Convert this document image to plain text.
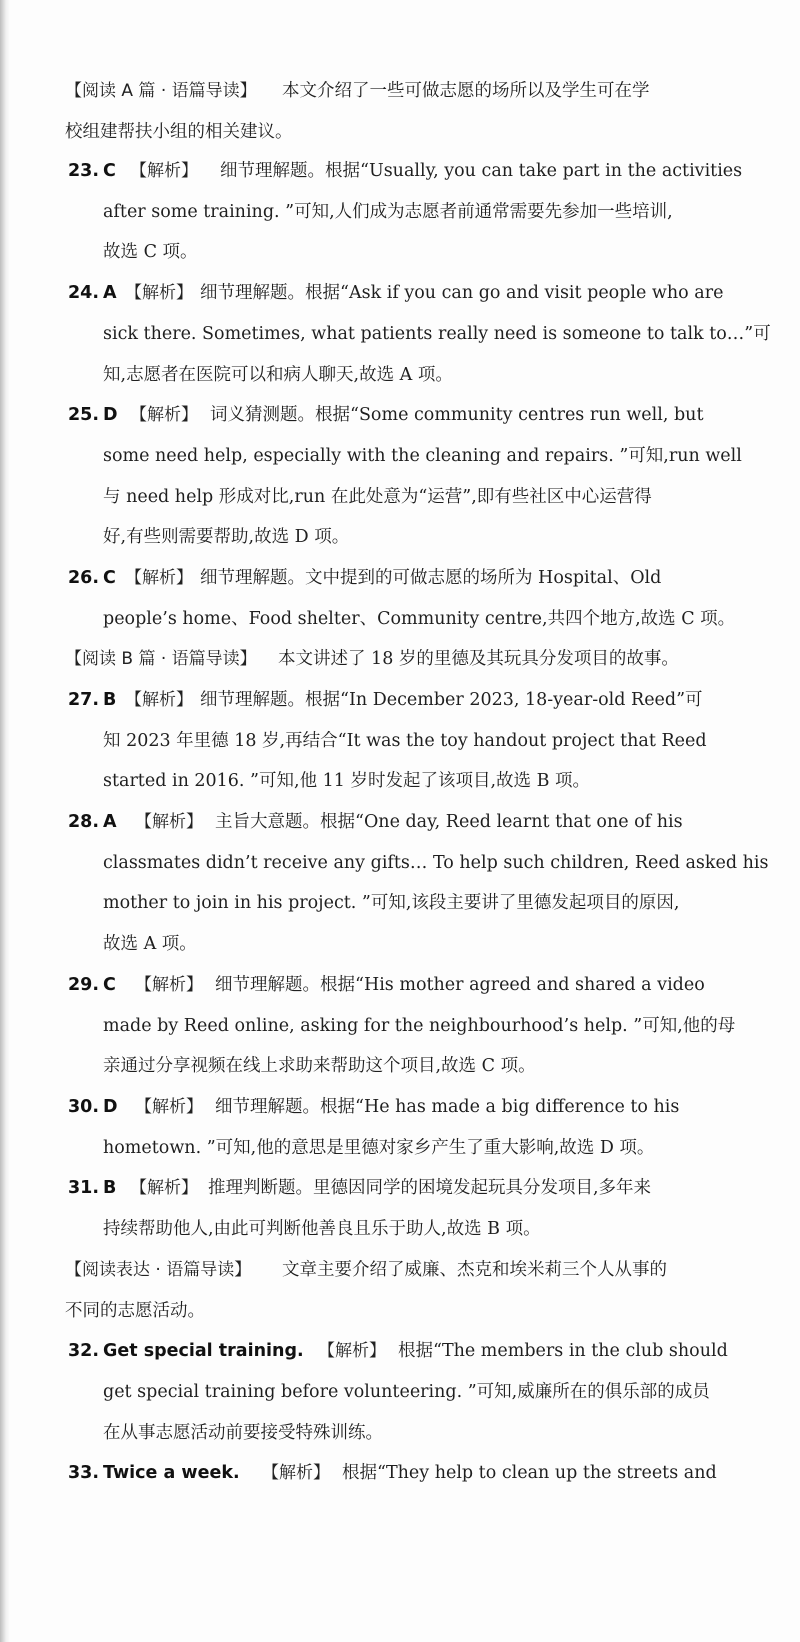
【阅读 A 篇 · 语篇导读】 本文介绍了一些可做志愿的场所以及学生可在学
校组建帮扶小组的相关建议。
23. C 【解析】 细节理解题。根据“Usually, you can take part in the activities
after some training. ”可知,人们成为志愿者前通常需要先参加一些培训,
故选 C 项。
24. A 【解析】 细节理解题。根据“Ask if you can go and visit people who are
sick there. Sometimes, what patients really need is someone to talk to…”可
知,志愿者在医院可以和病人聊天,故选 A 项。
25. D 【解析】 词义猜测题。根据“Some community centres run well, but
some need help, especially with the cleaning and repairs. ”可知,run well
与 need help 形成对比,run 在此处意为“运营”,即有些社区中心运营得
好,有些则需要帮助,故选 D 项。
26. C 【解析】 细节理解题。文中提到的可做志愿的场所为 Hospital、Old
people’s home、Food shelter、Community centre,共四个地方,故选 C 项。
【阅读 B 篇 · 语篇导读】 本文讲述了 18 岁的里德及其玩具分发项目的故事。
27. B 【解析】 细节理解题。根据“In December 2023, 18-year-old Reed”可
知 2023 年里德 18 岁,再结合“It was the toy handout project that Reed
started in 2016. ”可知,他 11 岁时发起了该项目,故选 B 项。
28. A 【解析】 主旨大意题。根据“One day, Reed learnt that one of his
classmates didn’t receive any gifts… To help such children, Reed asked his
mother to join in his project. ”可知,该段主要讲了里德发起项目的原因,
故选 A 项。
29. C 【解析】 细节理解题。根据“His mother agreed and shared a video
made by Reed online, asking for the neighbourhood’s help. ”可知,他的母
亲通过分享视频在线上求助来帮助这个项目,故选 C 项。
30. D 【解析】 细节理解题。根据“He has made a big difference to his
hometown. ”可知,他的意思是里德对家乡产生了重大影响,故选 D 项。
31. B 【解析】 推理判断题。里德因同学的困境发起玩具分发项目,多年来
持续帮助他人,由此可判断他善良且乐于助人,故选 B 项。
【阅读表达 · 语篇导读】 文章主要介绍了威廉、杰克和埃米莉三个人从事的
不同的志愿活动。
32. Get special training. 【解析】 根据“The members in the club should
get special training before volunteering. ”可知,威廉所在的俱乐部的成员
在从事志愿活动前要接受特殊训练。
33. Twice a week. 【解析】 根据“They help to clean up the streets and
